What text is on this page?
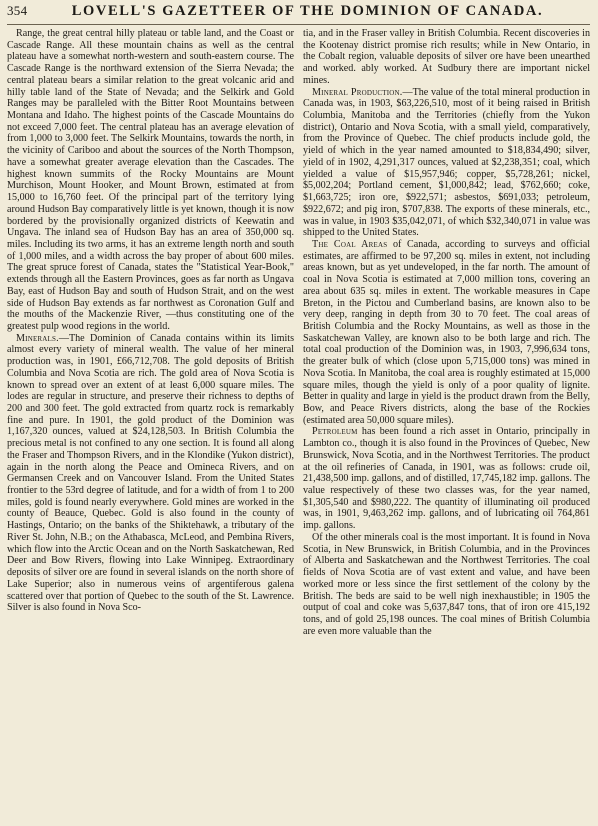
354	LOVELL'S GAZETTEER OF THE DOMINION OF CANADA.

Range, the great central hilly plateau or table land, and the Coast or Cascade Range. All these mountain chains as well as the central plateau have a somewhat north-western and south-eastern course. The Cascade Range is the northward extension of the Sierra Nevada; the central plateau bears a similar relation to the great volcanic arid and hilly table land of the State of Nevada; and the Selkirk and Gold Ranges may be paralleled with the Bitter Root Mountains between Montana and Idaho. The highest points of the Cascade Mountains do not exceed 7,000 feet. The central plateau has an average elevation of from 1,000 to 3,000 feet. The Selkirk Mountains, towards the north, in the vicinity of Cariboo and about the sources of the North Thompson, have a somewhat greater average elevation than the Cascades. The highest known summits of the Rocky Mountains are Mount Murchison, Mount Hooker, and Mount Brown, estimated at from 15,000 to 16,760 feet. Of the principal part of the territory lying around Hudson Bay comparatively little is yet known, though it is now bordered by the provisionally organized districts of Keewatin and Ungava. The inland sea of Hudson Bay has an area of 350,000 sq. miles. Including its two arms, it has an extreme length north and south of 1,000 miles, and a width across the bay proper of about 600 miles. The great spruce forest of Canada, states the "Statistical Year-Book," extends through all the Eastern Provinces, goes as far north as Ungava Bay, east of Hudson Bay and south of Hudson Strait, and on the west side of Hudson Bay extends as far northwest as Coronation Gulf and the mouths of the Mackenzie River, —thus constituting one of the greatest pulp wood regions in the world.

Minerals.—The Dominion of Canada contains within its limits almost every variety of mineral wealth. The value of her mineral production was, in 1901, £66,712,708. The gold deposits of British Columbia and Nova Scotia are rich. The gold area of Nova Scotia is known to spread over an extent of at least 6,000 square miles. The lodes are regular in structure, and preserve their richness to depths of 200 and 300 feet. The gold extracted from quartz rock is remarkably fine and pure. In 1901, the gold product of the Dominion was 1,167,320 ounces, valued at $24,128,503. In British Columbia the precious metal is not confined to any one section. It is found all along the Fraser and Thompson Rivers, and in the Klondike (Yukon district), again in the north along the Peace and Omineca Rivers, and on Germansen Creek and on Vancouver Island. From the United States frontier to the 53rd degree of latitude, and for a width of from 1 to 200 miles, gold is found nearly everywhere. Gold mines are worked in the county of Beauce, Quebec. Gold is also found in the county of Hastings, Ontario; on the banks of the Shiktehawk, a tributary of the River St. John, N.B.; on the Athabasca, McLeod, and Pembina Rivers, which flow into the Arctic Ocean and on the North Saskatchewan, Red Deer and Bow Rivers, flowing into Lake Winnipeg. Extraordinary deposits of silver ore are found in several islands on the north shore of Lake Superior; also in numerous veins of argentiferous galena scattered over that portion of Quebec to the south of the St. Lawrence. Silver is also found in Nova Sco-

tia, and in the Fraser valley in British Columbia. Recent discoveries in the Kootenay district promise rich results; while in New Ontario, in the Cobalt region, valuable deposits of silver ore have been unearthed and worked. ably worked. At Sudbury there are important nickel mines.

Mineral Production.—The value of the total mineral production in Canada was, in 1903, $63,226,510, most of it being raised in British Columbia, Manitoba and the Territories (chiefly from the Yukon district), Ontario and Nova Scotia, with a small yield, comparatively, from the Province of Quebec. The chief products include gold, the yield of which in the year named amounted to $18,834,490; silver, yield of in 1902, 4,291,317 ounces, valued at $2,238,351; coal, which yielded a value of $15,957,946; copper, $5,728,261; nickel, $5,002,204; Portland cement, $1,000,842; lead, $762,660; coke, $1,663,725; iron ore, $922,571; asbestos, $691,033; petroleum, $922,672; and pig iron, $707,838. The exports of these minerals, etc., was in value, in 1903 $35,042,071, of which $32,340,071 in value was shipped to the United States.

The Coal Areas of Canada, according to surveys and official estimates, are affirmed to be 97,200 sq. miles in extent, not including areas known, but as yet undeveloped, in the far north. The amount of coal in Nova Scotia is estimated at 7,000 million tons, covering an area about 635 sq. miles in extent. The workable measures in Cape Breton, in the Pictou and Cumberland basins, are known also to be very deep, ranging in depth from 30 to 70 feet. The coal areas of British Columbia and the Rocky Mountains, as well as those in the Saskatchewan Valley, are known also to be both large and rich. The total coal production of the Dominion was, in 1903, 7,996,634 tons, the greater bulk of which (close upon 5,715,000 tons) was mined in Nova Scotia. In Manitoba, the coal area is roughly estimated at 15,000 square miles, though the yield is only of a poor quality of lignite. Better in quality and large in yield is the product drawn from the Belly, Bow, and Peace Rivers districts, along the base of the Rockies (estimated area 50,000 square miles).

Petroleum has been found a rich asset in Ontario, principally in Lambton co., though it is also found in the Provinces of Quebec, New Brunswick, Nova Scotia, and in the Northwest Territories. The product at the oil refineries of Canada, in 1901, was as follows: crude oil, 21,438,500 imp. gallons, and of distilled, 17,745,182 imp. gallons. The value respectively of these two classes was, for the year named, $1,305,540 and $980,222. The quantity of illuminating oil produced was, in 1901, 9,463,262 imp. gallons, and of lubricating oil 764,861 imp. gallons.

Of the other minerals coal is the most important. It is found in Nova Scotia, in New Brunswick, in British Columbia, and in the Provinces of Alberta and Saskatchewan and the Northwest Territories. The coal fields of Nova Scotia are of vast extent and value, and have been worked more or less since the first settlement of the colony by the British. The beds are said to be well nigh inexhaustible; in 1905 the output of coal and coke was 5,637,847 tons, that of iron ore 415,192 tons, and of gold 25,198 ounces. The coal mines of British Columbia are even more valuable than the
